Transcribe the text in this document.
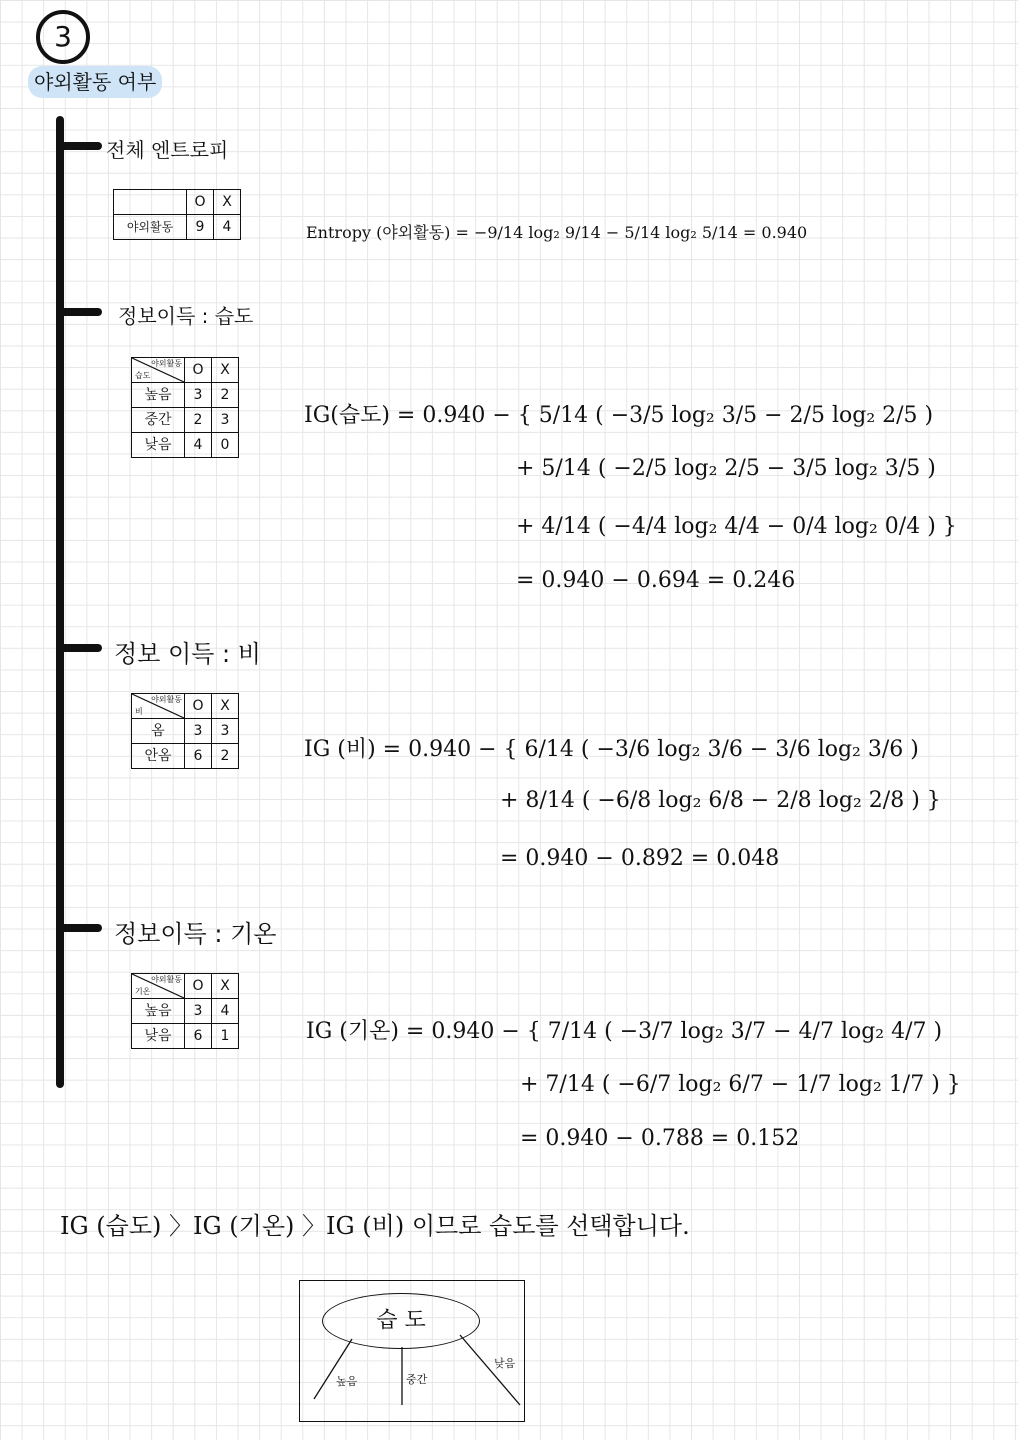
3
야외활동 여부
전체 엔트로피
	O	X
야외활동	9	4	Entropy (야외활동) = −9/14 log₂ 9/14 − 5/14 log₂ 5/14 = 0.940
정보이득 : 습도
야외활동
습도	O	X
높음	3	2
중간	2	3
낮음	4	0
IG(습도) = 0.940 − { 5/14 ( −3/5 log₂ 3/5 − 2/5 log₂ 2/5 )
+ 5/14 ( −2/5 log₂ 2/5 − 3/5 log₂ 3/5 )
+ 4/14 ( −4/4 log₂ 4/4 − 0/4 log₂ 0/4 ) }
= 0.940 − 0.694 = 0.246
정보 이득 : 비
야외활동
비	O	X
옴	3	3
안옴	6	2	IG (비) = 0.940 − { 6/14 ( −3/6 log₂ 3/6 − 3/6 log₂ 3/6 )
+ 8/14 ( −6/8 log₂ 6/8 − 2/8 log₂ 2/8 ) }
= 0.940 − 0.892 = 0.048
정보이득 : 기온
야외활동
기온	O	X
높음	3	4
낮음	6	1	IG (기온) = 0.940 − { 7/14 ( −3/7 log₂ 3/7 − 4/7 log₂ 4/7 )
+ 7/14 ( −6/7 log₂ 6/7 − 1/7 log₂ 1/7 ) }
= 0.940 − 0.788 = 0.152
IG (습도) 〉IG (기온) 〉IG (비) 이므로 습도를 선택합니다.
습 도
높음	중간
낮음
